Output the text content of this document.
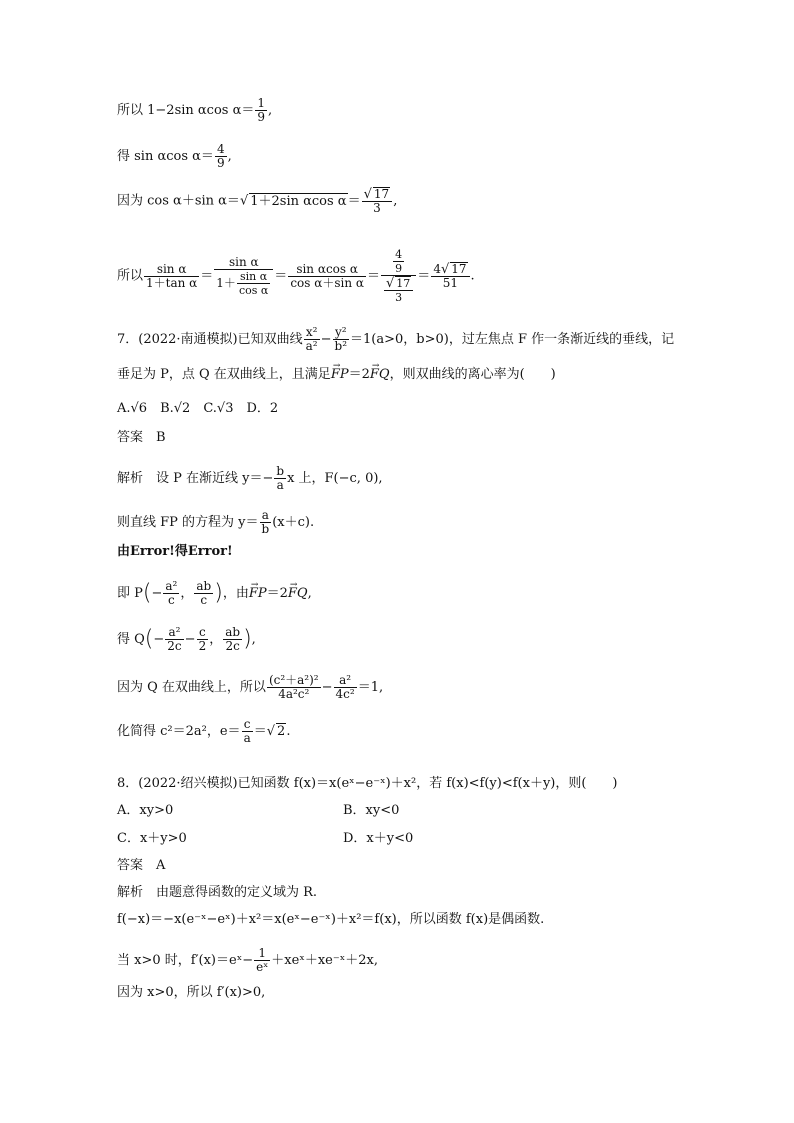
所以 1−2sin αcos $\alpha= \frac{1}{9}$ ,
得 sin αcos $\alpha= \frac{4}{9}$ ,
因为 cos α＋sin α＝√ 1＋2sin αcos $\alpha= \frac{√ 17}{3}$ ,
所以 $\frac{\text{sin α}}{\text{1＋tan α}} = \frac{\text{sin α}}{1+ \frac{\text{sin α}}{\text{cos α}}} = \frac{\text{sin αcos α}}{\text{cos α＋sin α}} = \frac{\frac{4}{9}}{\frac{√ 17}{3}} = \frac{4√ 17}{51}$ .
7．(2022·南通模拟)已知双曲线 $\frac{\text{x²}}{\text{a²}} - \frac{\text{y²}}{\text{b²}} =1(a>0$，b>0)，过左焦点 F 作一条渐近线的垂线，记
垂足为 P，点 Q 在双曲线上，且满足→ FP＝2→ FQ，则双曲线的离心率为(　　)
A.√6　B.√2　C.√3　D．2
答案　B
解析　设 P 在渐近线 $y=- \frac{b}{a}$ x 上，F(−c, 0),
则直线 FP 的方程为 $y= \frac{a}{b} (x+c)$.
由Error!得Error!
即 $P(- \frac{\text{a²}}{c}$ ， $\frac{ab}{c}$ )，由→ FP＝2→ FQ,
得 $Q(- \frac{\text{a²}}{2c} - \frac{c}{2}$ ， $\frac{ab}{2c}$ ),
因为 Q 在双曲线上，所以 $\frac{\text{(c²＋a²)²}}{\text{4a²c²}} - \frac{\text{a²}}{\text{4c²}} =1$,
化简得 c²＝2a²，$e= \frac{c}{a}$ ＝√ 2.
8．(2022·绍兴模拟)已知函数 f(x)＝x(eˣ−e⁻ˣ)＋x²，若 f(x)<f(y)<f(x＋y)，则(　　)
A．xy>0	B．xy<0
C．x＋y>0	D．x＋y<0
答案　A
解析　由题意得函数的定义域为 R.
f(−x)＝−x(e⁻ˣ−eˣ)＋x²＝x(eˣ−e⁻ˣ)＋x²＝f(x)，所以函数 f(x)是偶函数.
当 x>0 时，f′(x)＝eˣ− $\frac{1}{\text{eˣ}}$ ＋xeˣ＋xe⁻ˣ＋2x,
因为 x>0，所以 f′(x)>0,
